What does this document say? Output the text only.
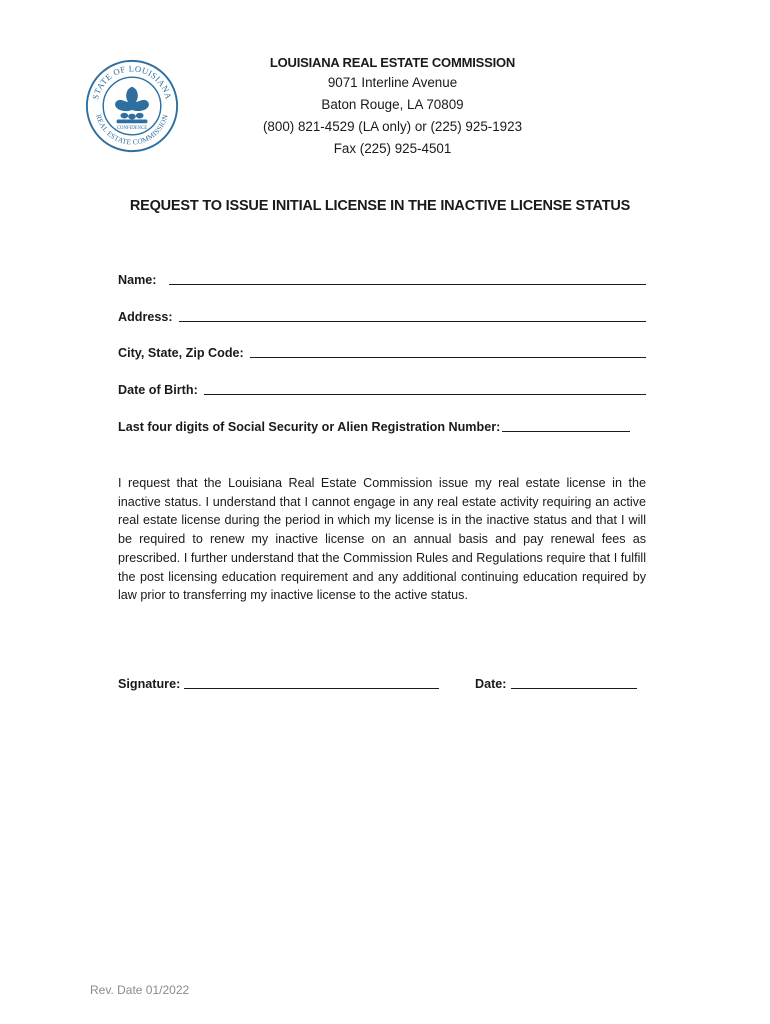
STATE OF LOUISIANA
REAL ESTATE COMMISSION
CONFIDENCE
LOUISIANA REAL ESTATE COMMISSION
9071 Interline Avenue
Baton Rouge, LA 70809
(800) 821-4529 (LA only) or (225) 925-1923
Fax (225) 925-4501
REQUEST TO ISSUE INITIAL LICENSE IN THE INACTIVE LICENSE STATUS
Name:
Address:
City, State, Zip Code:
Date of Birth:
Last four digits of Social Security or Alien Registration Number:
I request that the Louisiana Real Estate Commission issue my real estate license in the inactive status. I understand that I cannot engage in any real estate activity requiring an active real estate license during the period in which my license is in the inactive status and that I will be required to renew my inactive license on an annual basis and pay renewal fees as prescribed. I further understand that the Commission Rules and Regulations require that I fulfill the post licensing education requirement and any additional continuing education required by law prior to transferring my inactive license to the active status.
Signature:	Date:
Rev. Date 01/2022
